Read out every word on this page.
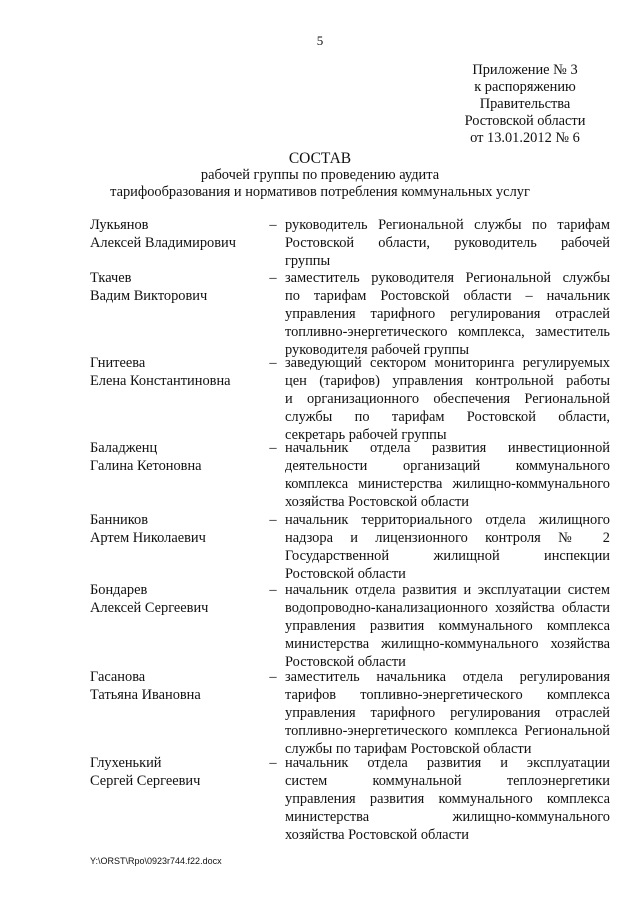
5
Приложение № 3
к распоряжению
Правительства
Ростовской области
от 13.01.2012 № 6
СОСТАВ
рабочей группы по проведению аудита
тарифообразования и нормативов потребления коммунальных услуг
Лукьянов
Алексей Владимирович
– руководитель Региональной службы по тарифам
Ростовской области, руководитель рабочей
группы
Ткачев
Вадим Викторович
– заместитель руководителя Региональной службы
по тарифам Ростовской области – начальник
управления тарифного регулирования отраслей
топливно-энергетического комплекса, заместитель
руководителя рабочей группы
Гнитеева
Елена Константиновна
– заведующий сектором мониторинга регулируемых
цен (тарифов) управления контрольной работы
и организационного обеспечения Региональной
службы по тарифам Ростовской области,
секретарь рабочей группы
Баладженц
Галина Кетоновна
– начальник отдела развития инвестиционной
деятельности организаций коммунального
комплекса министерства жилищно-коммунального
хозяйства Ростовской области
Банников
Артем Николаевич
– начальник территориального отдела жилищного
надзора и лицензионного контроля № 2
Государственной жилищной инспекции
Ростовской области
Бондарев
Алексей Сергеевич
– начальник отдела развития и эксплуатации систем
водопроводно-канализационного хозяйства области
управления развития коммунального комплекса
министерства жилищно-коммунального хозяйства
Ростовской области
Гасанова
Татьяна Ивановна
– заместитель начальника отдела регулирования
тарифов топливно-энергетического комплекса
управления тарифного регулирования отраслей
топливно-энергетического комплекса Региональной
службы по тарифам Ростовской области
Глухенький
Сергей Сергеевич
– начальник отдела развития и эксплуатации
систем коммунальной теплоэнергетики
управления развития коммунального комплекса
министерства жилищно-коммунального
хозяйства Ростовской области
Y:\ORST\Rpo\0923r744.f22.docx
